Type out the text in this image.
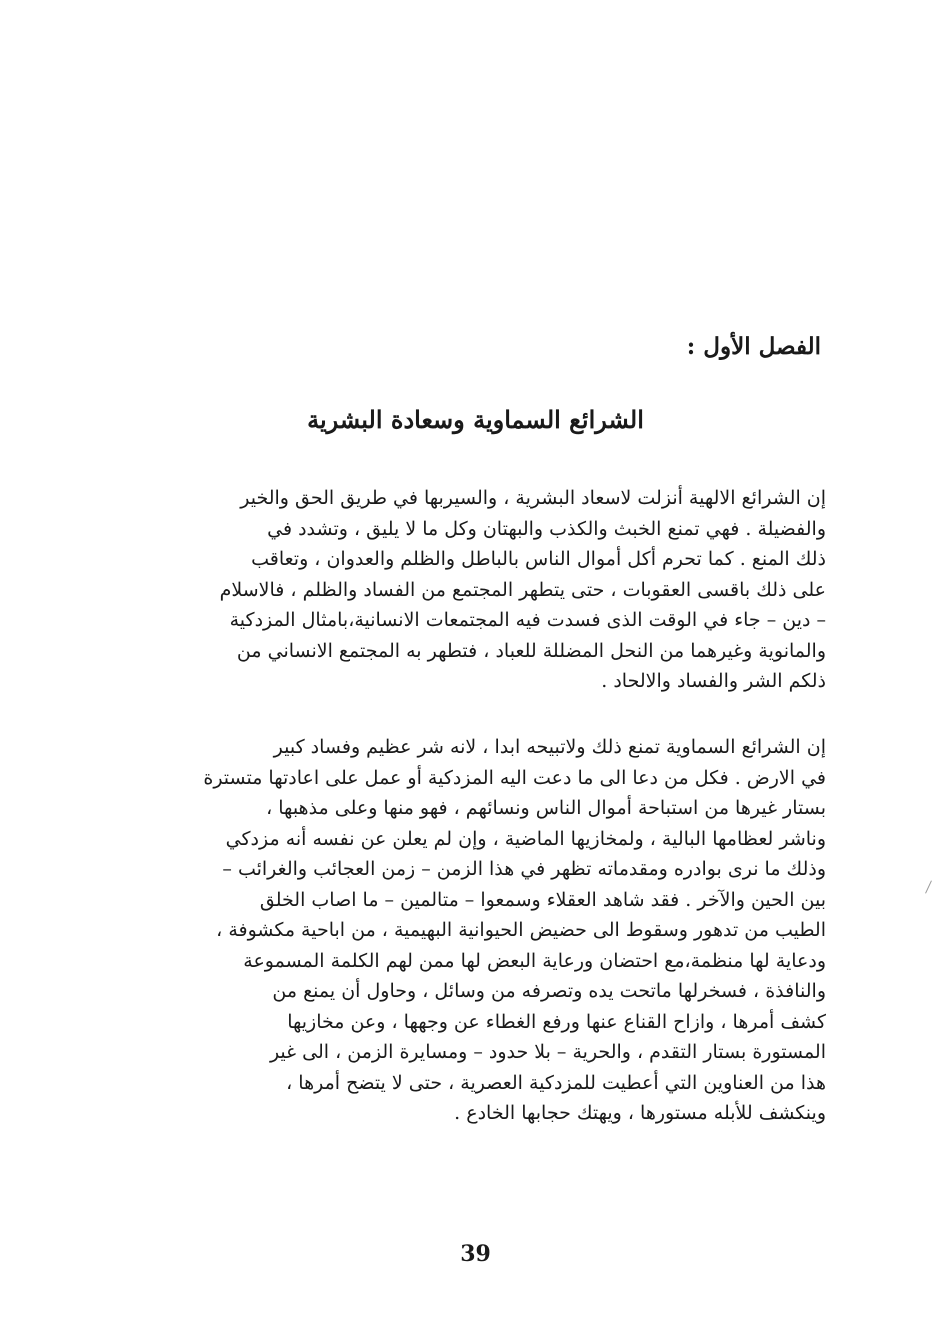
الفصل الأول :
الشرائع السماوية وسعادة البشرية
إن الشرائع الالهية أنزلت لاسعاد البشرية ، والسيربها في طريق الحق والخير
والفضيلة . فهي تمنع الخبث والكذب والبهتان وكل ما لا يليق ، وتشدد في
ذلك المنع . كما تحرم أكل أموال الناس بالباطل والظلم والعدوان ، وتعاقب
على ذلك باقسى العقوبات ، حتى يتطهر المجتمع من الفساد والظلم ، فالاسلام
– دين – جاء في الوقت الذى فسدت فيه المجتمعات الانسانية،بامثال المزدكية
والمانوية وغيرهما من النحل المضللة للعباد ، فتطهر به المجتمع الانساني من
ذلكم الشر والفساد والالحاد .
إن الشرائع السماوية تمنع ذلك ولاتبيحه ابدا ، لانه شر عظيم وفساد كبير
في الارض . فكل من دعا الى ما دعت اليه المزدكية أو عمل على اعادتها متسترة
بستار غيرها من استباحة أموال الناس ونسائهم ، فهو منها وعلى مذهبها ،
وناشر لعظامها البالية ، ولمخازيها الماضية ، وإن لم يعلن عن نفسه أنه مزدكي
وذلك ما نرى بوادره ومقدماته تظهر في هذا الزمن – زمن العجائب والغرائب –
بين الحين والآخر . فقد شاهد العقلاء وسمعوا – متالمين – ما اصاب الخلق
الطيب من تدهور وسقوط الى حضيض الحيوانية البهيمية ، من اباحية مكشوفة ،
ودعاية لها منظمة،مع احتضان ورعاية البعض لها ممن لهم الكلمة المسموعة
والنافذة ، فسخرلها ماتحت يده وتصرفه من وسائل ، وحاول أن يمنع من
كشف أمرها ، وازاح القناع عنها ورفع الغطاء عن وجهها ، وعن مخازيها
المستورة بستار التقدم ، والحرية – بلا حدود – ومسايرة الزمن ، الى غير
هذا من العناوين التي أعطيت للمزدكية العصرية ، حتى لا يتضح أمرها ،
وينكشف للأبله مستورها ، ويهتك حجابها الخادع .
39
